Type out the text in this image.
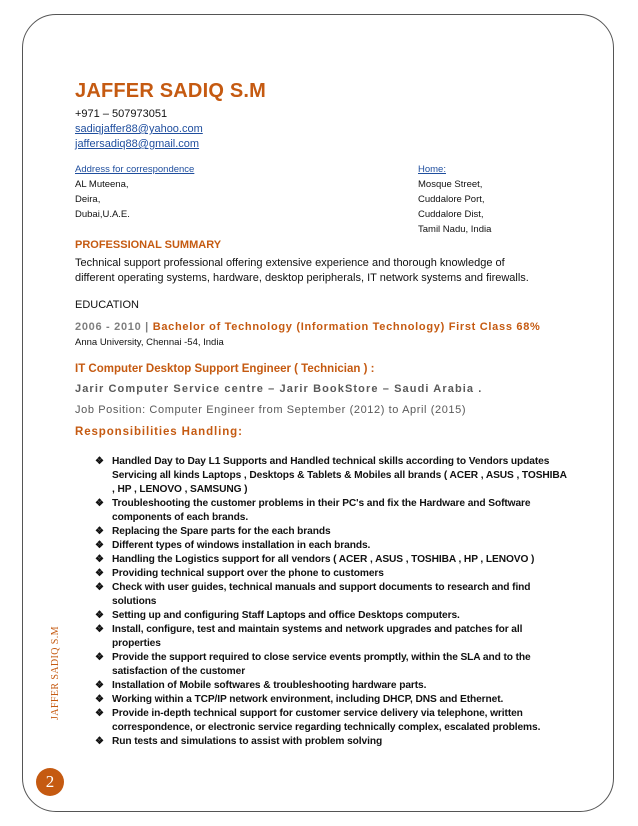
JAFFER SADIQ S.M
+971 – 507973051
sadiqjaffer88@yahoo.com
jaffersadiq88@gmail.com
Address for correspondence
AL Muteena,
Deira,
Dubai,U.A.E.
Home:
Mosque Street,
Cuddalore Port,
Cuddalore Dist,
Tamil Nadu, India
PROFESSIONAL SUMMARY
Technical support professional offering extensive experience and thorough knowledge of different operating systems, hardware, desktop peripherals, IT network systems and firewalls.
EDUCATION
2006 - 2010 | Bachelor of Technology (Information Technology) First Class 68%
Anna University, Chennai -54, India
IT Computer Desktop Support Engineer ( Technician ) :
Jarir Computer Service centre – Jarir BookStore – Saudi Arabia .
Job Position: Computer Engineer from September (2012) to April (2015)
Responsibilities Handling:
❖ Handled Day to Day L1 Supports and Handled technical skills according to Vendors updates Servicing all kinds Laptops , Desktops & Tablets & Mobiles all brands ( ACER , ASUS , TOSHIBA , HP , LENOVO , SAMSUNG )
❖ Troubleshooting the customer problems in their PC's and fix the Hardware and Software components of each brands.
❖ Replacing the Spare parts for the each brands
❖ Different types of windows installation in each brands.
❖ Handling the Logistics support for all vendors ( ACER , ASUS , TOSHIBA , HP , LENOVO )
❖ Providing technical support over the phone to customers
❖ Check with user guides, technical manuals and support documents to research and find solutions
❖ Setting up and configuring Staff Laptops and office Desktops computers.
❖ Install, configure, test and maintain systems and network upgrades and patches for all properties
❖ Provide the support required to close service events promptly, within the SLA and to the satisfaction of the customer
❖ Installation of Mobile softwares & troubleshooting hardware parts.
❖ Working within a TCP/IP network environment, including DHCP, DNS and Ethernet.
❖ Provide in-depth technical support for customer service delivery via telephone, written correspondence, or electronic service regarding technically complex, escalated problems.
❖ Run tests and simulations to assist with problem solving
JAFFER SADIQ S.M
2
